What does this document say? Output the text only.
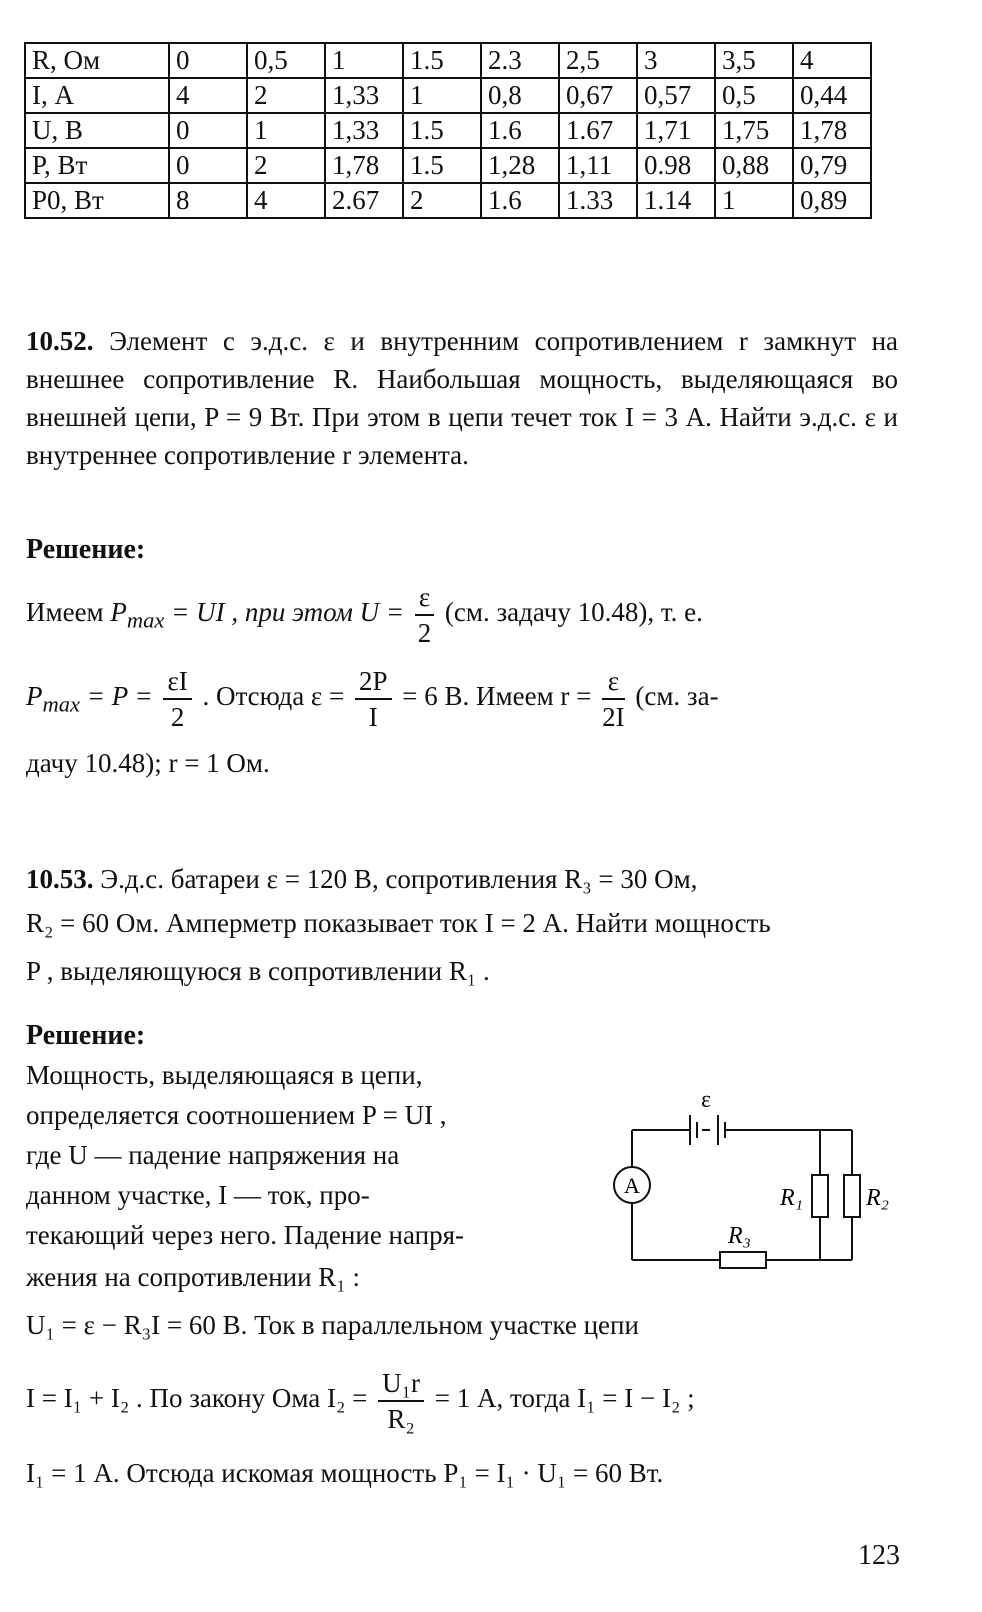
R, Ом	0	0,5	1	1.5	2.3	2,5	3	3,5	4
I, А	4	2	1,33	1	0,8	0,67	0,57	0,5	0,44
U, В	0	1	1,33	1.5	1.6	1.67	1,71	1,75	1,78
P, Вт	0	2	1,78	1.5	1,28	1,11	0.98	0,88	0,79
P0, Вт	8	4	2.67	2	1.6	1.33	1.14	1	0,89

10.52. Элемент с э.д.с. ε и внутренним сопротивлением r замкнут на внешнее сопротивление R. Наибольшая мощность, выделяющаяся во внешней цепи, P = 9 Вт. При этом в цепи течет ток I = 3 А. Найти э.д.с. ε и внутреннее сопротивление r элемента.

Решение:
Имеем $P_{max}$ = UI , при этом $U = \frac{\varepsilon}{2} (см$. задачу 10.48), т. е.
$P_{max} = P = \frac{\varepsilon I}{2}$ . Отсюда $\varepsilon = \frac{2P}{I} = 6$ В. Имеем $r = \frac{\varepsilon}{2I} (см$. за-
дачу 10.48); r = 1 Ом.
10.53. Э.д.с. батареи ε = 120 В, сопротивления R₃ = 30 Ом,
R₂ = 60 Ом. Амперметр показывает ток I = 2 А. Найти мощность
P , выделяющуюся в сопротивлении R₁ .
Решение:
Мощность, выделяющаяся в цепи,
определяется соотношением P = UI ,
где U — падение напряжения на
данном участке, I — ток, про-
текающий через него. Падение напря-
жения на сопротивлении R₁ :
ε
A	R₁	R₂
R₃
U₁ = ε − R₃I = 60 В. Ток в параллельном участке цепи
I = I₁ + I₂ . По закону Ома $I_2 = \frac{\text{U₁r}}{\text{R₂}} = 1$ А, тогда I₁ = I − I₂ ;
I₁ = 1 А. Отсюда искомая мощность P₁ = I₁ · U₁ = 60 Вт.
123
